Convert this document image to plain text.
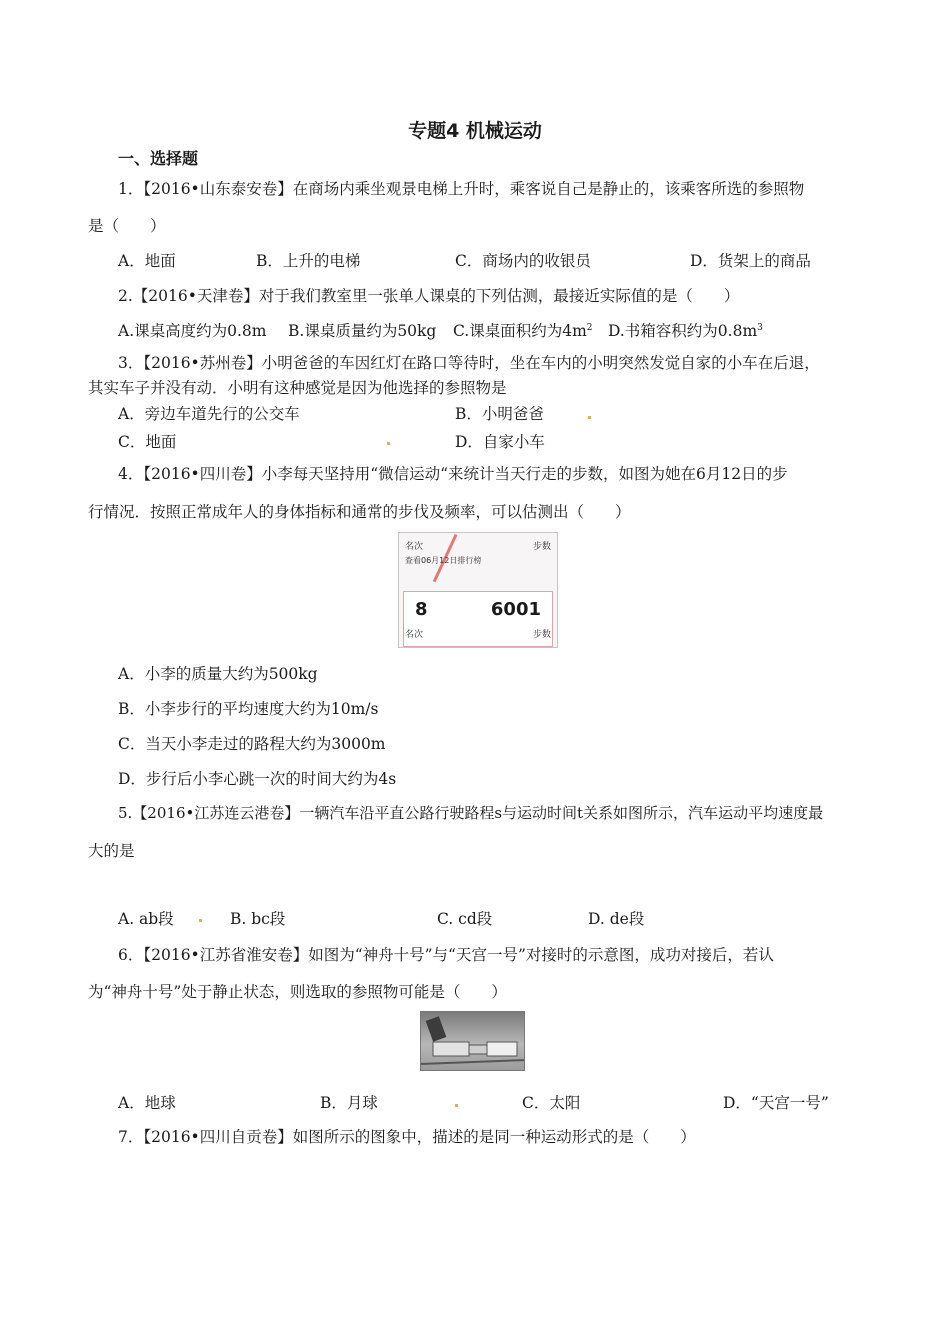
专题4 机械运动
一、选择题
1．【2016•山东泰安卷】在商场内乘坐观景电梯上升时，乘客说自己是静止的，该乘客所选的参照物
是（　　）
A．地面	B．上升的电梯	C．商场内的收银员	D．货架上的商品
2.【2016•天津卷】对于我们教室里一张单人课桌的下列估测，最接近实际值的是（　　）
A.课桌高度约为0.8m B.课桌质量约为50kg C.课桌面积约为$4m^2$ D.书箱容积约为$0.8m^3$
3．【2016•苏州卷】小明爸爸的车因红灯在路口等待时，坐在车内的小明突然发觉自家的小车在后退，
其实车子并没有动．小明有这种感觉是因为他选择的参照物是
A．旁边车道先行的公交车	B．小明爸爸
C．地面	D．自家小车
4．【2016•四川卷】小李每天坚持用“微信运动“来统计当天行走的步数，如图为她在6月12日的步
行情况．按照正常成年人的身体指标和通常的步伐及频率，可以估测出（　　）
名次	步数
查看06月12日排行榜
8	6001
名次	步数
A．小李的质量大约为500kg
B．小李步行的平均速度大约为10m/s
C．当天小李走过的路程大约为3000m
D．步行后小李心跳一次的时间大约为4s
5.【2016•江苏连云港卷】一辆汽车沿平直公路行驶路程s与运动时间t关系如图所示，汽车运动平均速度最
大的是
A. ab段	B. bc段	C. cd段	D. de段
6．【2016•江苏省淮安卷】如图为“神舟十号”与“天宫一号”对接时的示意图，成功对接后，若认
为“神舟十号”处于静止状态，则选取的参照物可能是（　　）
A．地球	B．月球	C．太阳	D．“天宫一号”
7．【2016•四川自贡卷】如图所示的图象中，描述的是同一种运动形式的是（　　）
